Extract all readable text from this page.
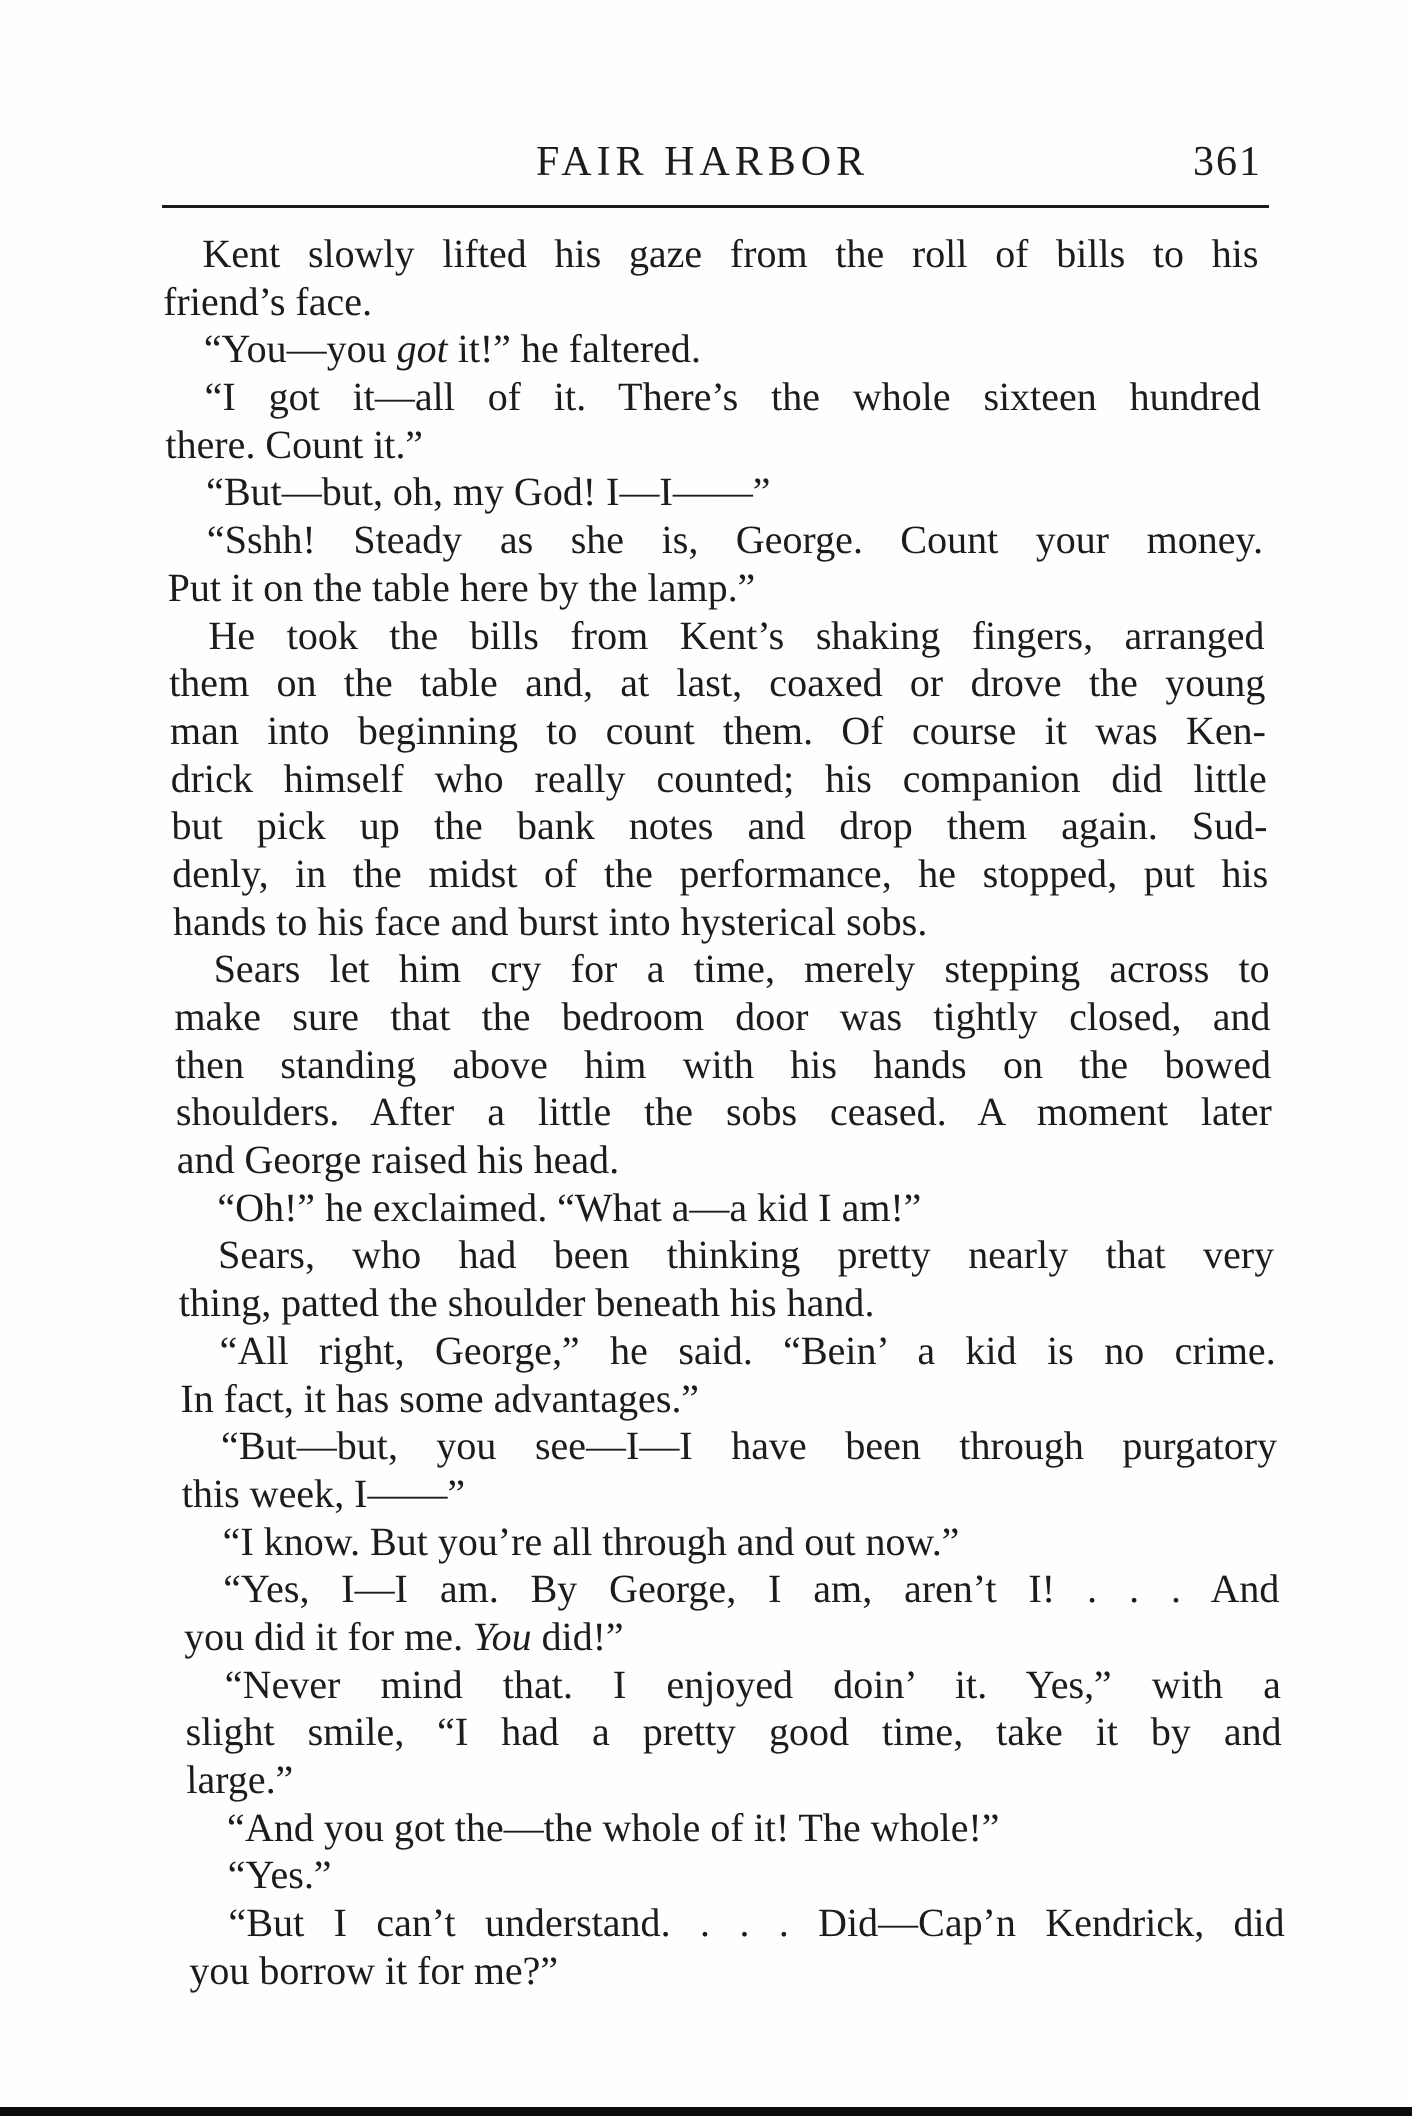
FAIR HARBOR	361
Kent slowly lifted his gaze from the roll of bills to his
friend’s face.
“You—you got it!” he faltered.
“I got it—all of it. There’s the whole sixteen hundred
there. Count it.”
“But—but, oh, my God! I—I——”
“Sshh! Steady as she is, George. Count your money.
Put it on the table here by the lamp.”
He took the bills from Kent’s shaking fingers, arranged
them on the table and, at last, coaxed or drove the young
man into beginning to count them. Of course it was Ken-
drick himself who really counted; his companion did little
but pick up the bank notes and drop them again. Sud-
denly, in the midst of the performance, he stopped, put his
hands to his face and burst into hysterical sobs.
Sears let him cry for a time, merely stepping across to
make sure that the bedroom door was tightly closed, and
then standing above him with his hands on the bowed
shoulders. After a little the sobs ceased. A moment later
and George raised his head.
“Oh!” he exclaimed. “What a—a kid I am!”
Sears, who had been thinking pretty nearly that very
thing, patted the shoulder beneath his hand.
“All right, George,” he said. “Bein’ a kid is no crime.
In fact, it has some advantages.”
“But—but, you see—I—I have been through purgatory
this week, I——”
“I know. But you’re all through and out now.”
“Yes, I—I am. By George, I am, aren’t I! . . . And
you did it for me. You did!”
“Never mind that. I enjoyed doin’ it. Yes,” with a
slight smile, “I had a pretty good time, take it by and
large.”
“And you got the—the whole of it! The whole!”
“Yes.”
“But I can’t understand. . . . Did—Cap’n Kendrick, did
you borrow it for me?”
